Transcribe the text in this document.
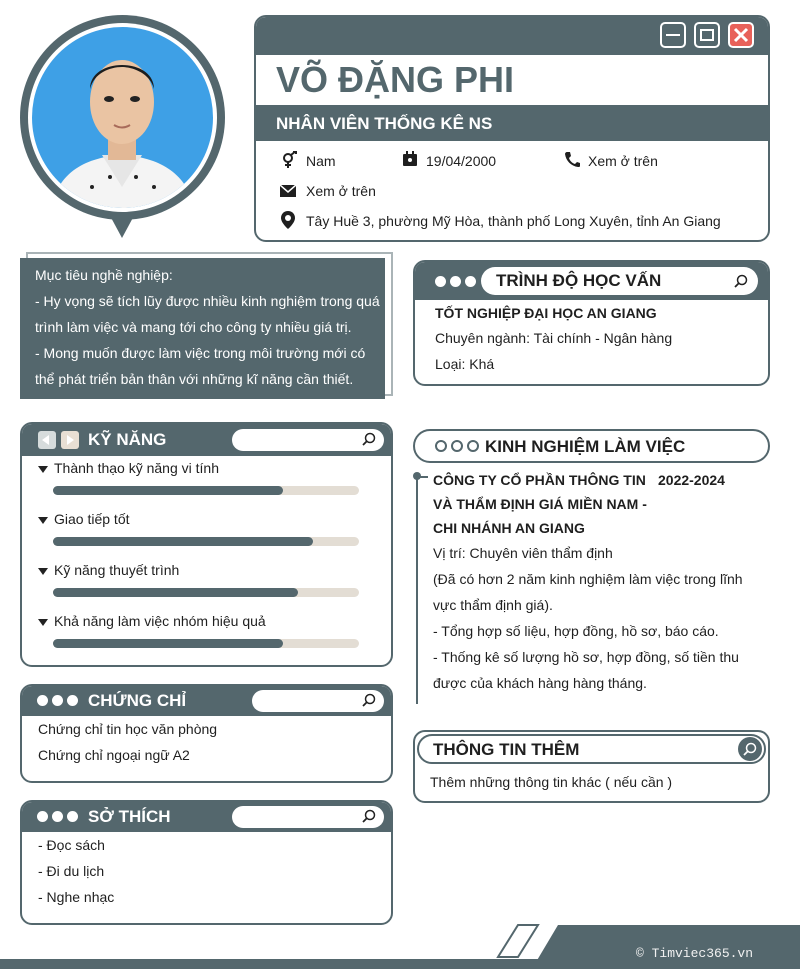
VÕ ĐẶNG PHI
NHÂN VIÊN THỐNG KÊ NS
Nam	19/04/2000	Xem ở trên
Xem ở trên
Tây Huề 3, phường Mỹ Hòa, thành phố Long Xuyên, tỉnh An Giang
Mục tiêu nghề nghiệp:
- Hy vọng sẽ tích lũy được nhiều kinh nghiệm trong quá
trình làm việc và mang tới cho công ty nhiều giá trị.
- Mong muốn được làm việc trong môi trường mới có
thể phát triển bản thân với những kĩ năng cần thiết.
KỸ NĂNG
Thành thạo kỹ năng vi tính
Giao tiếp tốt
Kỹ năng thuyết trình
Khả năng làm việc nhóm hiệu quả
CHỨNG CHỈ
Chứng chỉ tin học văn phòng
Chứng chỉ ngoại ngữ A2
SỞ THÍCH
- Đọc sách
- Đi du lịch
- Nghe nhạc
TRÌNH ĐỘ HỌC VẤN
TỐT NGHIỆP ĐẠI HỌC AN GIANG
Chuyên ngành: Tài chính - Ngân hàng
Loại: Khá
KINH NGHIỆM LÀM VIỆC
CÔNG TY CỔ PHẦN THÔNG TIN
VÀ THẨM ĐỊNH GIÁ MIỀN NAM -
CHI NHÁNH AN GIANG
2022-2024
Vị trí: Chuyên viên thẩm định
(Đã có hơn 2 năm kinh nghiệm làm việc trong lĩnh
vực thẩm định giá).
- Tổng hợp số liệu, hợp đồng, hồ sơ, báo cáo.
- Thống kê số lượng hồ sơ, hợp đồng, số tiền thu
được của khách hàng hàng tháng.
THÔNG TIN THÊM
Thêm những thông tin khác ( nếu cần )
© Timviec365.vn
